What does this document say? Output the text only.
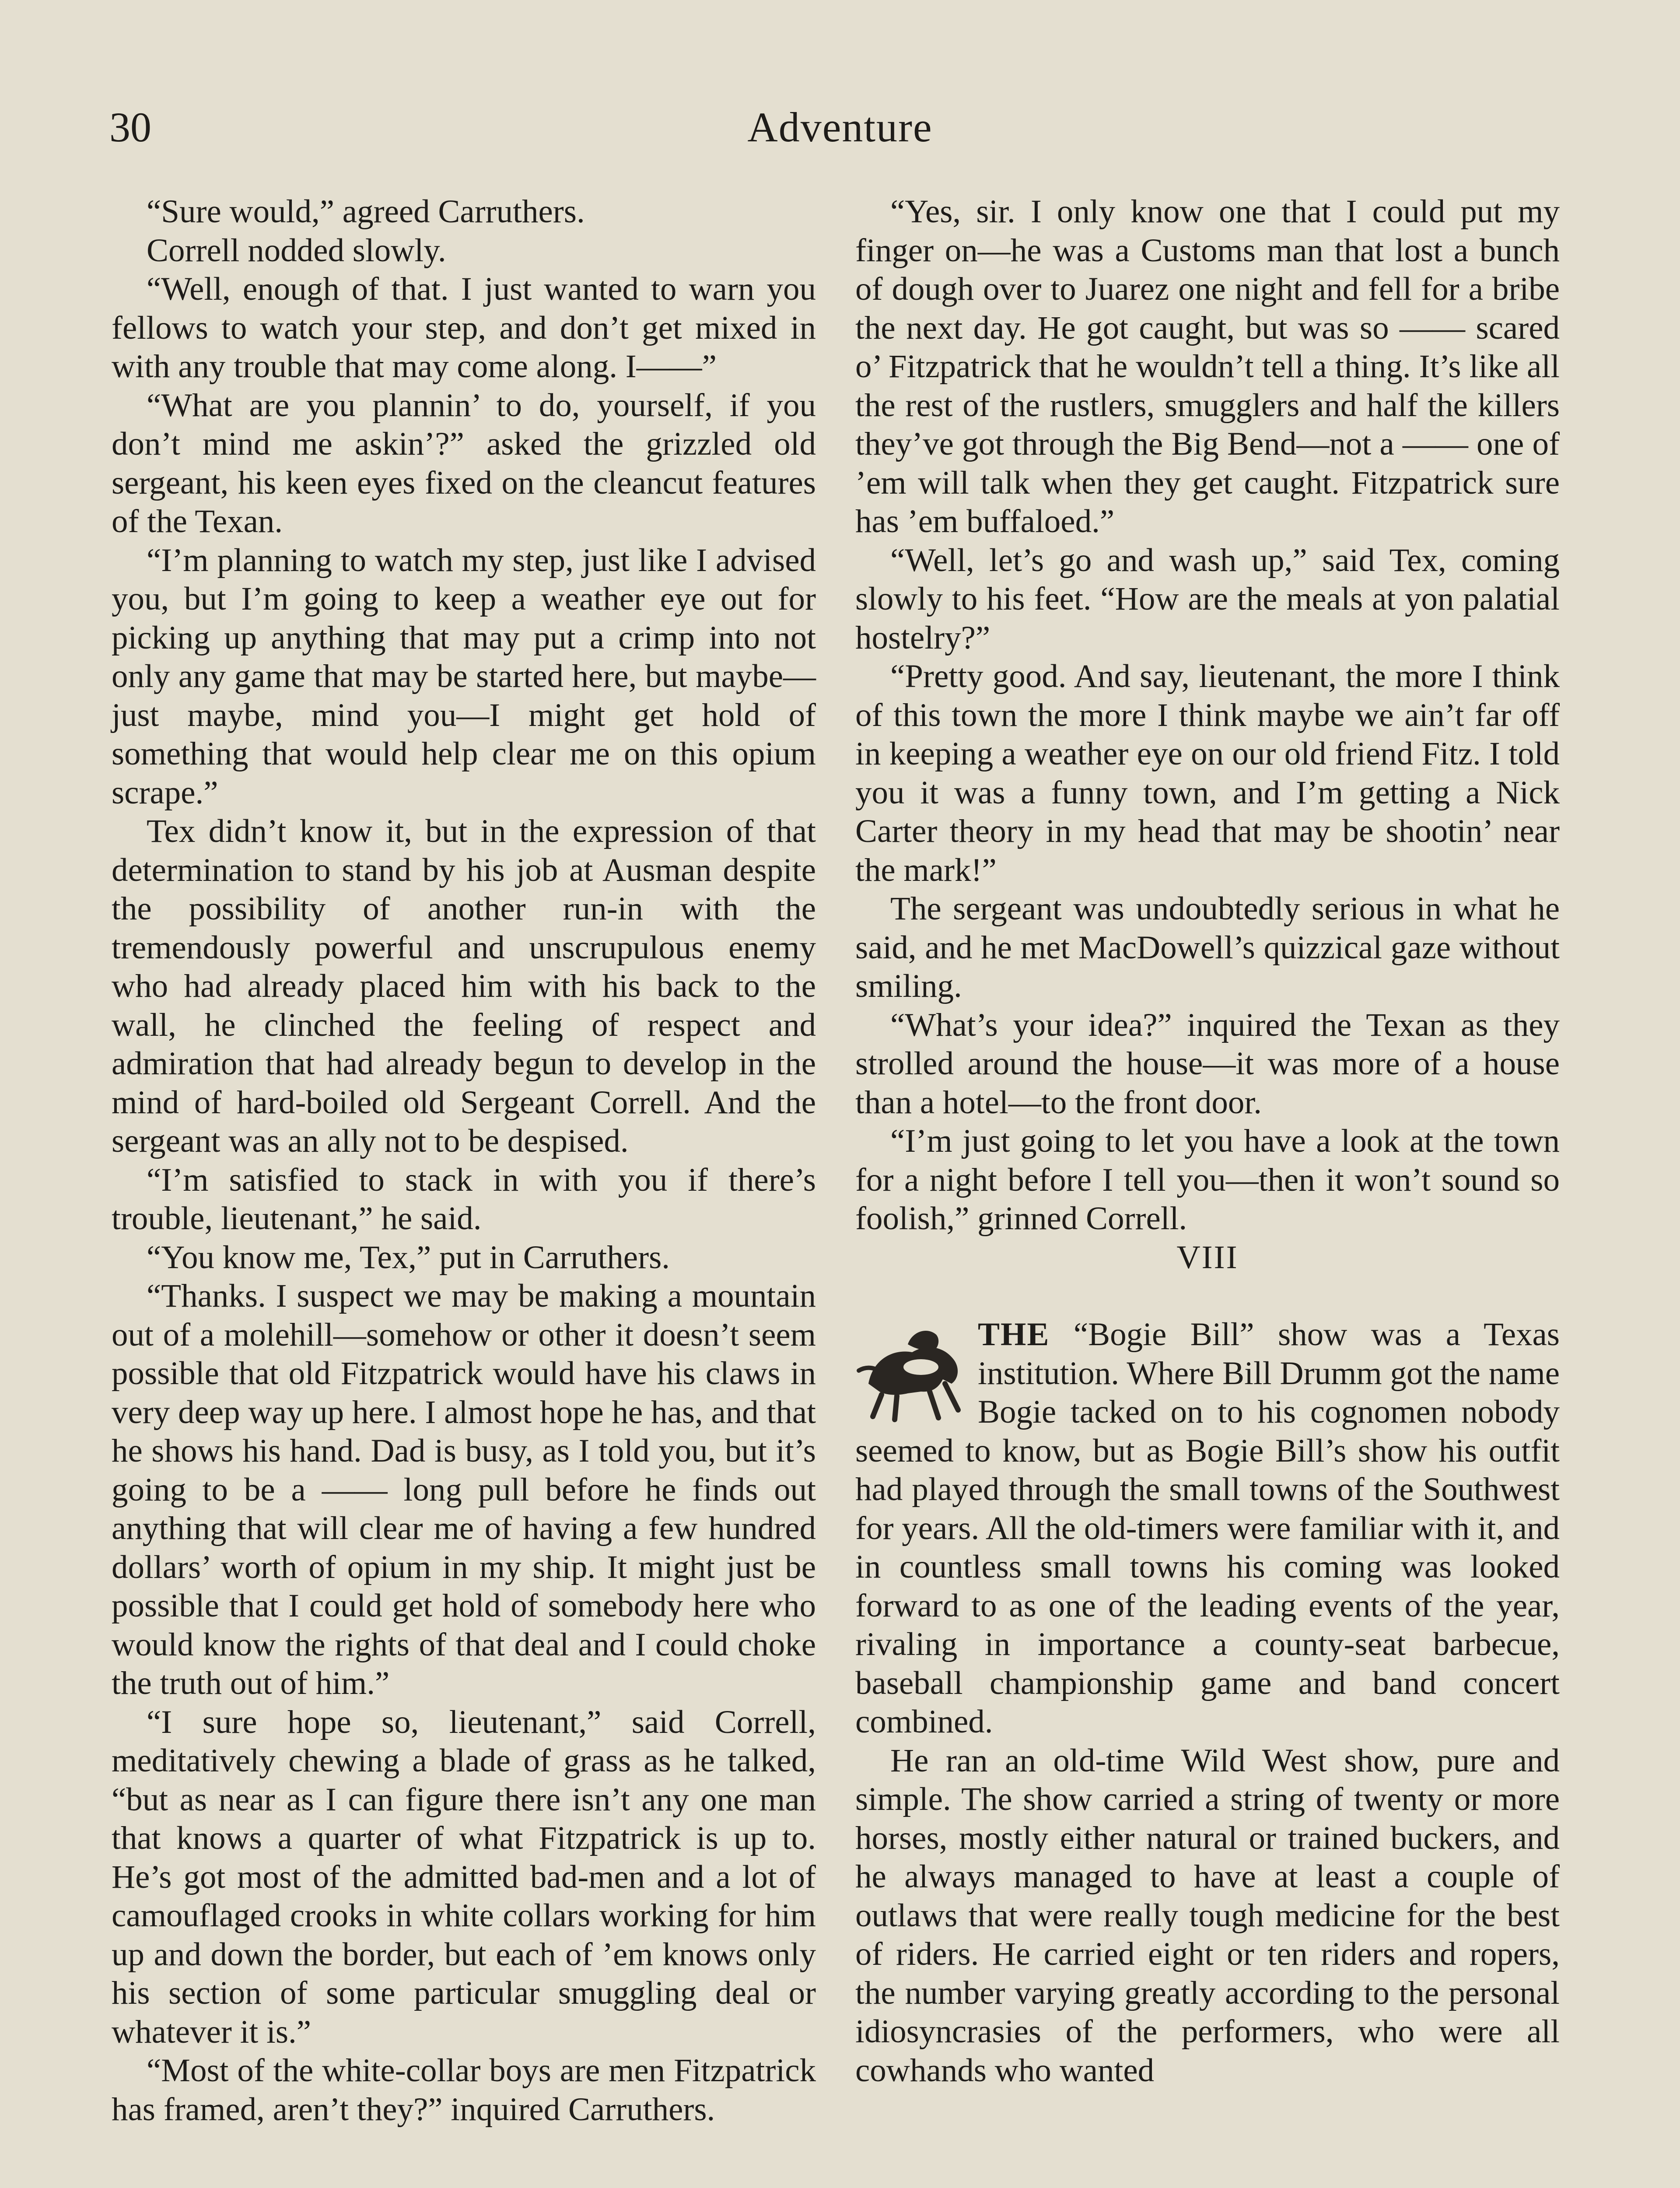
30	Adventure

“Sure would,” agreed Carruthers.

Correll nodded slowly.

“Well, enough of that. I just wanted to warn you fellows to watch your step, and don’t get mixed in with any trouble that may come along. I——”

“What are you plannin’ to do, yourself, if you don’t mind me askin’?” asked the grizzled old sergeant, his keen eyes fixed on the cleancut features of the Texan.

“I’m planning to watch my step, just like I advised you, but I’m going to keep a weather eye out for picking up anything that may put a crimp into not only any game that may be started here, but maybe—just maybe, mind you—I might get hold of something that would help clear me on this opium scrape.”

Tex didn’t know it, but in the expression of that determination to stand by his job at Ausman despite the possibility of another run-in with the tremendously powerful and unscrupulous enemy who had already placed him with his back to the wall, he clinched the feeling of respect and admiration that had already begun to develop in the mind of hard-boiled old Sergeant Correll. And the sergeant was an ally not to be despised.

“I’m satisfied to stack in with you if there’s trouble, lieutenant,” he said.

“You know me, Tex,” put in Carruthers.

“Thanks. I suspect we may be making a mountain out of a molehill—somehow or other it doesn’t seem possible that old Fitzpatrick would have his claws in very deep way up here. I almost hope he has, and that he shows his hand. Dad is busy, as I told you, but it’s going to be a —— long pull before he finds out anything that will clear me of having a few hundred dollars’ worth of opium in my ship. It might just be possible that I could get hold of somebody here who would know the rights of that deal and I could choke the truth out of him.”

“I sure hope so, lieutenant,” said Correll, meditatively chewing a blade of grass as he talked, “but as near as I can figure there isn’t any one man that knows a quarter of what Fitzpatrick is up to. He’s got most of the admitted bad-men and a lot of camouflaged crooks in white collars working for him up and down the border, but each of ’em knows only his section of some particular smuggling deal or whatever it is.”

“Most of the white-collar boys are men Fitzpatrick has framed, aren’t they?” inquired Carruthers.

“Yes, sir. I only know one that I could put my finger on—he was a Customs man that lost a bunch of dough over to Juarez one night and fell for a bribe the next day. He got caught, but was so —— scared o’ Fitzpatrick that he wouldn’t tell a thing. It’s like all the rest of the rustlers, smugglers and half the killers they’ve got through the Big Bend—not a —— one of ’em will talk when they get caught. Fitzpatrick sure has ’em buffaloed.”

“Well, let’s go and wash up,” said Tex, coming slowly to his feet. “How are the meals at yon palatial hostelry?”

“Pretty good. And say, lieutenant, the more I think of this town the more I think maybe we ain’t far off in keeping a weather eye on our old friend Fitz. I told you it was a funny town, and I’m getting a Nick Carter theory in my head that may be shootin’ near the mark!”

The sergeant was undoubtedly serious in what he said, and he met MacDowell’s quizzical gaze without smiling.

“What’s your idea?” inquired the Texan as they strolled around the house—it was more of a house than a hotel—to the front door.

“I’m just going to let you have a look at the town for a night before I tell you—then it won’t sound so foolish,” grinned Correll.

VIII

THE “Bogie Bill” show was a Texas institution. Where Bill Drumm got the name Bogie tacked on to his cognomen nobody seemed to know, but as Bogie Bill’s show his outfit had played through the small towns of the Southwest for years. All the old-timers were familiar with it, and in countless small towns his coming was looked forward to as one of the leading events of the year, rivaling in importance a county-seat barbecue, baseball championship game and band concert combined.

He ran an old-time Wild West show, pure and simple. The show carried a string of twenty or more horses, mostly either natural or trained buckers, and he always managed to have at least a couple of outlaws that were really tough medicine for the best of riders. He carried eight or ten riders and ropers, the number varying greatly according to the personal idiosyncrasies of the performers, who were all cowhands who wanted
